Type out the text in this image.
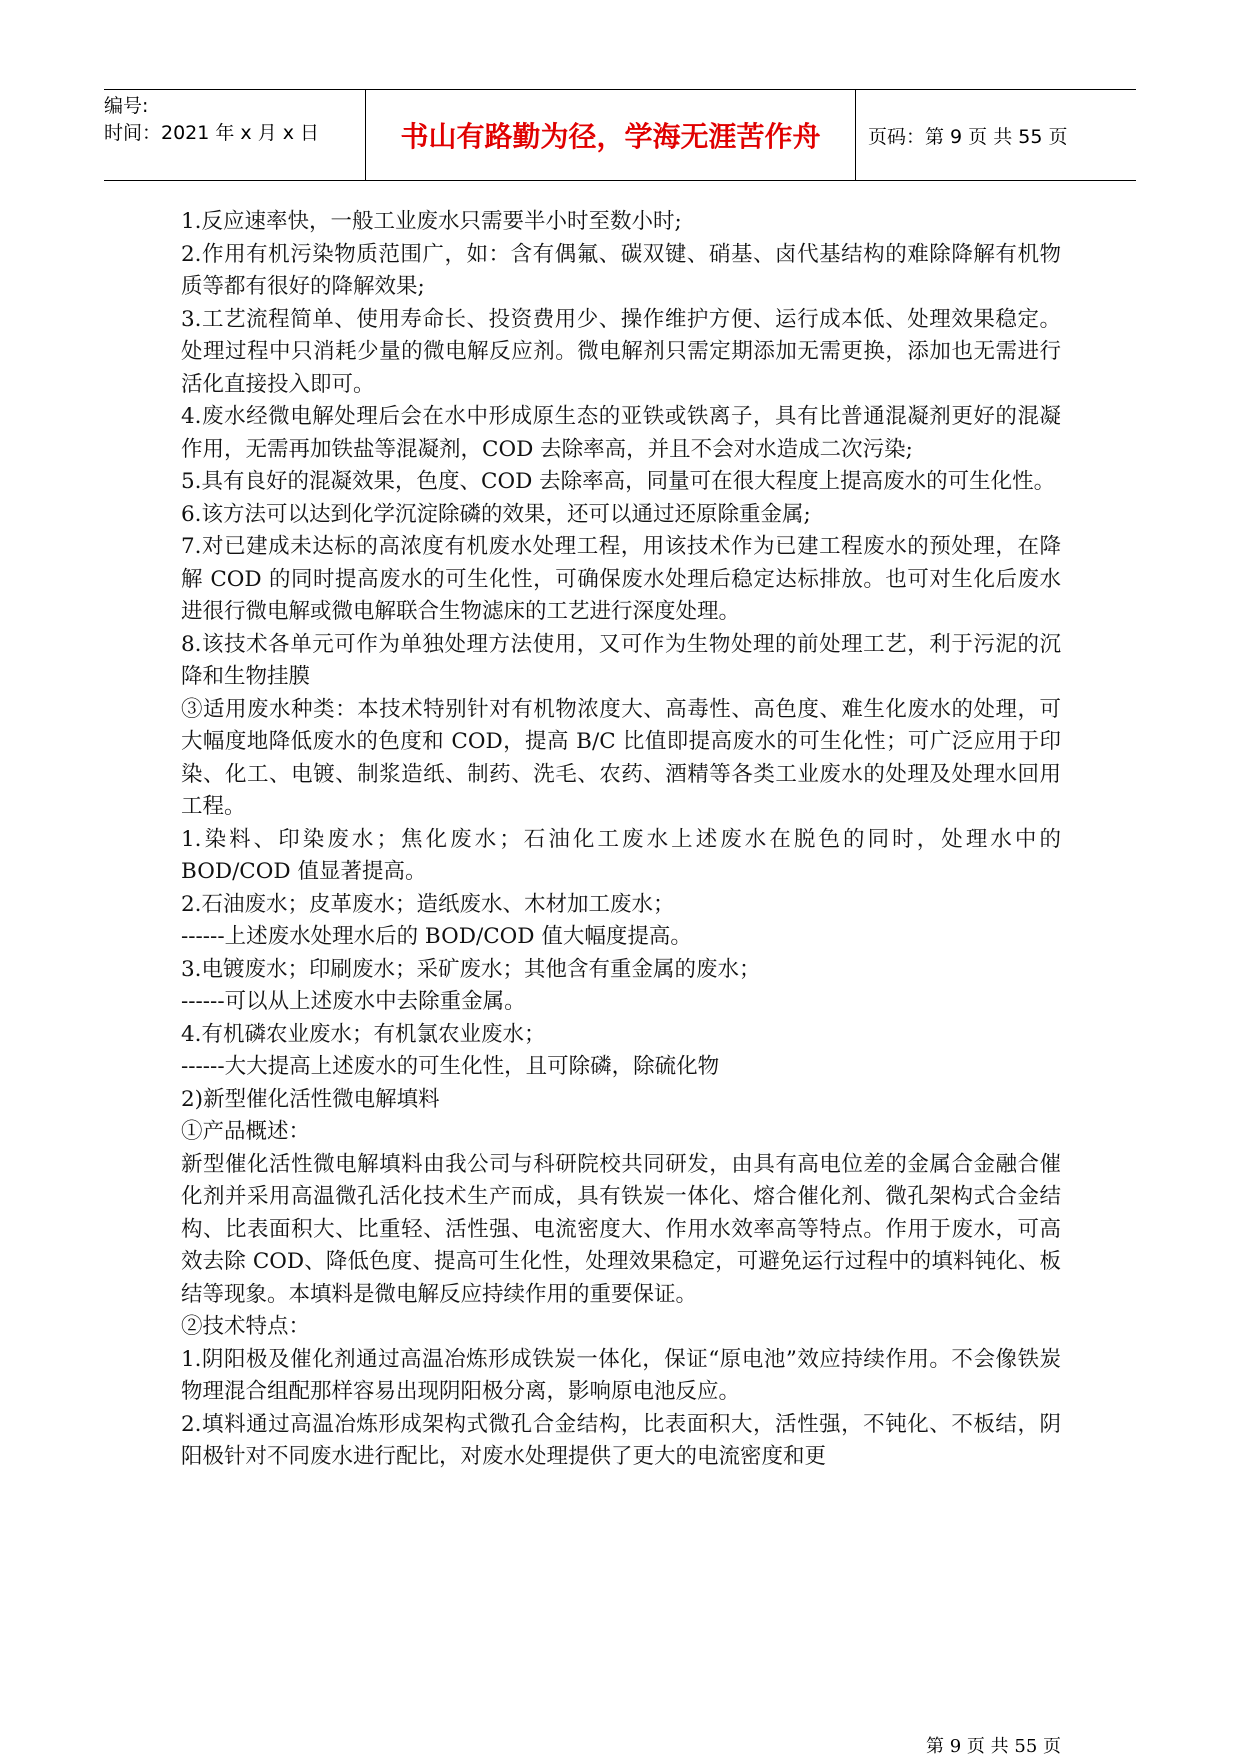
编号:
时间：2021 年 x 月 x 日	书山有路勤为径，学海无涯苦作舟	页码：第 9 页 共 55 页

1.反应速率快，一般工业废水只需要半小时至数小时;

2.作用有机污染物质范围广，如：含有偶氟、碳双键、硝基、卤代基结构的难除降解有机物质等都有很好的降解效果;

3.工艺流程简单、使用寿命长、投资费用少、操作维护方便、运行成本低、处理效果稳定。处理过程中只消耗少量的微电解反应剂。微电解剂只需定期添加无需更换，添加也无需进行活化直接投入即可。

4.废水经微电解处理后会在水中形成原生态的亚铁或铁离子，具有比普通混凝剂更好的混凝作用，无需再加铁盐等混凝剂，COD 去除率高，并且不会对水造成二次污染;

5.具有良好的混凝效果，色度、COD 去除率高，同量可在很大程度上提高废水的可生化性。

6.该方法可以达到化学沉淀除磷的效果，还可以通过还原除重金属;

7.对已建成未达标的高浓度有机废水处理工程，用该技术作为已建工程废水的预处理，在降解 COD 的同时提高废水的可生化性，可确保废水处理后稳定达标排放。也可对生化后废水进很行微电解或微电解联合生物滤床的工艺进行深度处理。

8.该技术各单元可作为单独处理方法使用，又可作为生物处理的前处理工艺，利于污泥的沉降和生物挂膜

③适用废水种类：本技术特别针对有机物浓度大、高毒性、高色度、难生化废水的处理，可大幅度地降低废水的色度和 COD，提高 B/C 比值即提高废水的可生化性；可广泛应用于印染、化工、电镀、制浆造纸、制药、洗毛、农药、酒精等各类工业废水的处理及处理水回用工程。

1.染料、印染废水；焦化废水；石油化工废水上述废水在脱色的同时，处理水中的 BOD/COD 值显著提高。

2.石油废水；皮革废水；造纸废水、木材加工废水；

------上述废水处理水后的 BOD/COD 值大幅度提高。

3.电镀废水；印刷废水；采矿废水；其他含有重金属的废水；

------可以从上述废水中去除重金属。

4.有机磷农业废水；有机氯农业废水；

------大大提高上述废水的可生化性，且可除磷，除硫化物

2)新型催化活性微电解填料

①产品概述：

新型催化活性微电解填料由我公司与科研院校共同研发，由具有高电位差的金属合金融合催化剂并采用高温微孔活化技术生产而成，具有铁炭一体化、熔合催化剂、微孔架构式合金结构、比表面积大、比重轻、活性强、电流密度大、作用水效率高等特点。作用于废水，可高效去除 COD、降低色度、提高可生化性，处理效果稳定，可避免运行过程中的填料钝化、板结等现象。本填料是微电解反应持续作用的重要保证。

②技术特点：

1.阴阳极及催化剂通过高温冶炼形成铁炭一体化，保证“原电池”效应持续作用。不会像铁炭物理混合组配那样容易出现阴阳极分离，影响原电池反应。

2.填料通过高温冶炼形成架构式微孔合金结构，比表面积大，活性强，不钝化、不板结，阴阳极针对不同废水进行配比，对废水处理提供了更大的电流密度和更

第 9 页 共 55 页
